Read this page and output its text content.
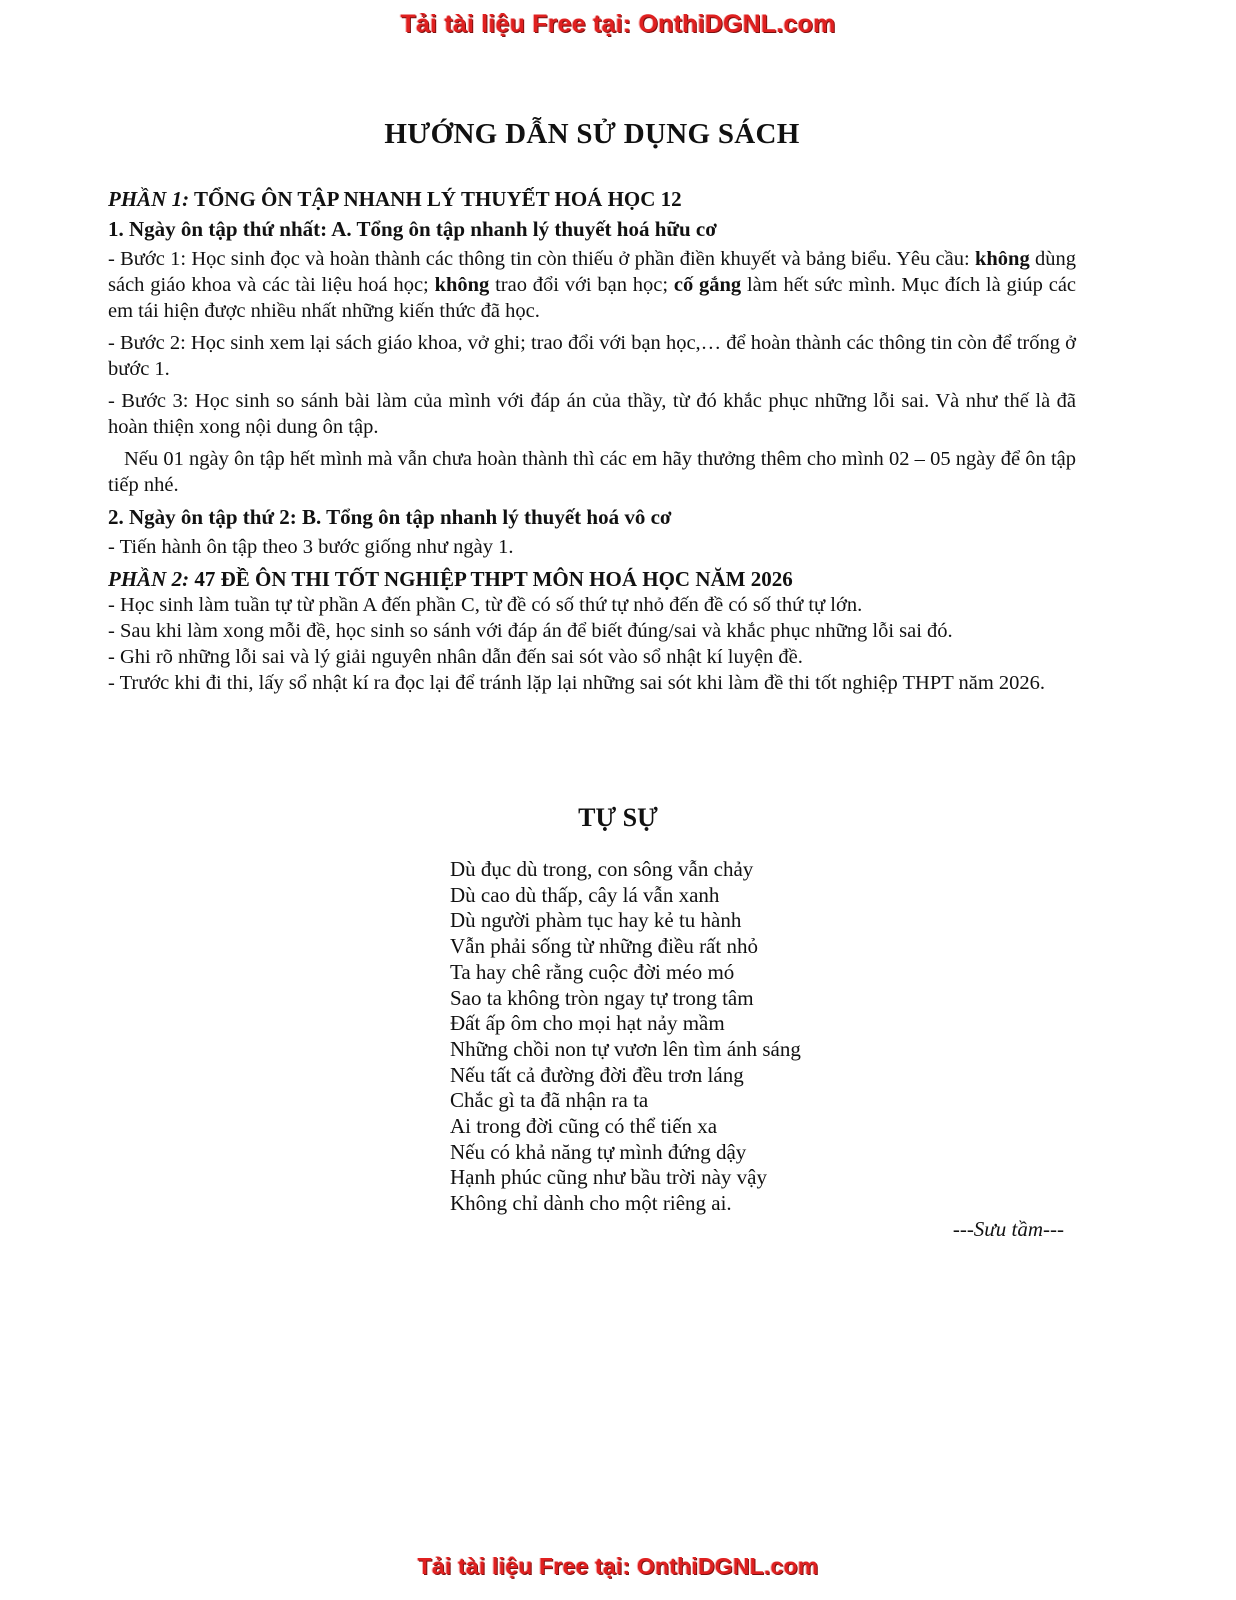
Tải tài liệu Free tại: OnthiDGNL.com
HƯỚNG DẪN SỬ DỤNG SÁCH

PHẦN 1: TỔNG ÔN TẬP NHANH LÝ THUYẾT HOÁ HỌC 12

1. Ngày ôn tập thứ nhất: A. Tổng ôn tập nhanh lý thuyết hoá hữu cơ

- Bước 1: Học sinh đọc và hoàn thành các thông tin còn thiếu ở phần điền khuyết và bảng biểu. Yêu cầu: không dùng sách giáo khoa và các tài liệu hoá học; không trao đổi với bạn học; cố gắng làm hết sức mình. Mục đích là giúp các em tái hiện được nhiều nhất những kiến thức đã học.

- Bước 2: Học sinh xem lại sách giáo khoa, vở ghi; trao đổi với bạn học,… để hoàn thành các thông tin còn để trống ở bước 1.

- Bước 3: Học sinh so sánh bài làm của mình với đáp án của thầy, từ đó khắc phục những lỗi sai. Và như thế là đã hoàn thiện xong nội dung ôn tập.

Nếu 01 ngày ôn tập hết mình mà vẫn chưa hoàn thành thì các em hãy thưởng thêm cho mình 02 – 05 ngày để ôn tập tiếp nhé.

2. Ngày ôn tập thứ 2: B. Tổng ôn tập nhanh lý thuyết hoá vô cơ

- Tiến hành ôn tập theo 3 bước giống như ngày 1.

PHẦN 2: 47 ĐỀ ÔN THI TỐT NGHIỆP THPT MÔN HOÁ HỌC NĂM 2026

- Học sinh làm tuần tự từ phần A đến phần C, từ đề có số thứ tự nhỏ đến đề có số thứ tự lớn.

- Sau khi làm xong mỗi đề, học sinh so sánh với đáp án để biết đúng/sai và khắc phục những lỗi sai đó.

- Ghi rõ những lỗi sai và lý giải nguyên nhân dẫn đến sai sót vào sổ nhật kí luyện đề.

- Trước khi đi thi, lấy sổ nhật kí ra đọc lại để tránh lặp lại những sai sót khi làm đề thi tốt nghiệp THPT năm 2026.

TỰ SỰ
Dù đục dù trong, con sông vẫn chảy
Dù cao dù thấp, cây lá vẫn xanh
Dù người phàm tục hay kẻ tu hành
Vẫn phải sống từ những điều rất nhỏ
Ta hay chê rằng cuộc đời méo mó
Sao ta không tròn ngay tự trong tâm
Đất ấp ôm cho mọi hạt nảy mầm
Những chồi non tự vươn lên tìm ánh sáng
Nếu tất cả đường đời đều trơn láng
Chắc gì ta đã nhận ra ta
Ai trong đời cũng có thể tiến xa
Nếu có khả năng tự mình đứng dậy
Hạnh phúc cũng như bầu trời này vậy
Không chỉ dành cho một riêng ai.
---Sưu tầm---
Tải tài liệu Free tại: OnthiDGNL.com
